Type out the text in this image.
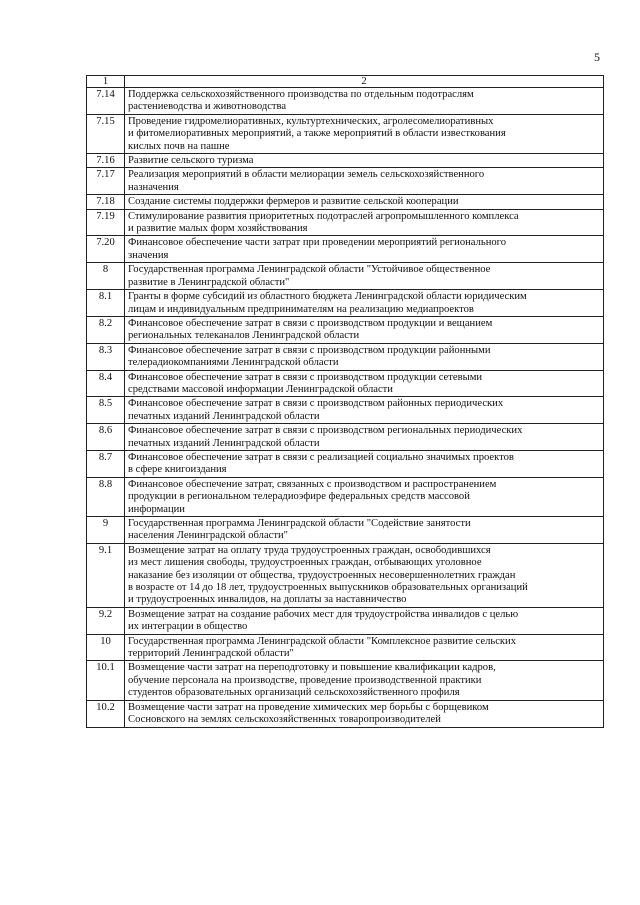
5
1	2
7.14	Поддержка сельскохозяйственного производства по отдельным подотраслям
растениеводства и животноводства

7.15	Проведение гидромелиоративных, культуртехнических, агролесомелиоративных
и фитомелиоративных мероприятий, а также мероприятий в области известкования
кислых почв на пашне

7.16	Развитие сельского туризма

7.17	Реализация мероприятий в области мелиорации земель сельскохозяйственного
назначения

7.18	Создание системы поддержки фермеров и развитие сельской кооперации

7.19	Стимулирование развития приоритетных подотраслей агропромышленного комплекса
и развитие малых форм хозяйствования

7.20	Финансовое обеспечение части затрат при проведении мероприятий регионального
значения

8	Государственная программа Ленинградской области "Устойчивое общественное
развитие в Ленинградской области"

8.1	Гранты в форме субсидий из областного бюджета Ленинградской области юридическим
лицам и индивидуальным предпринимателям на реализацию медиапроектов

8.2	Финансовое обеспечение затрат в связи с производством продукции и вещанием
региональных телеканалов Ленинградской области

8.3	Финансовое обеспечение затрат в связи с производством продукции районными
телерадиокомпаниями Ленинградской области

8.4	Финансовое обеспечение затрат в связи с производством продукции сетевыми
средствами массовой информации Ленинградской области

8.5	Финансовое обеспечение затрат в связи с производством районных периодических
печатных изданий Ленинградской области

8.6	Финансовое обеспечение затрат в связи с производством региональных периодических
печатных изданий Ленинградской области

8.7	Финансовое обеспечение затрат в связи с реализацией социально значимых проектов
в сфере книгоиздания

8.8	Финансовое обеспечение затрат, связанных с производством и распространением
продукции в региональном телерадиоэфире федеральных средств массовой
информации

9	Государственная программа Ленинградской области "Содействие занятости
населения Ленинградской области"

9.1	Возмещение затрат на оплату труда трудоустроенных граждан, освободившихся
из мест лишения свободы, трудоустроенных граждан, отбывающих уголовное
наказание без изоляции от общества, трудоустроенных несовершеннолетних граждан
в возрасте от 14 до 18 лет, трудоустроенных выпускников образовательных организаций
и трудоустроенных инвалидов, на доплаты за наставничество

9.2	Возмещение затрат на создание рабочих мест для трудоустройства инвалидов с целью
их интеграции в общество

10	Государственная программа Ленинградской области "Комплексное развитие сельских
территорий Ленинградской области"

10.1	Возмещение части затрат на переподготовку и повышение квалификации кадров,
обучение персонала на производстве, проведение производственной практики
студентов образовательных организаций сельскохозяйственного профиля

10.2	Возмещение части затрат на проведение химических мер борьбы с борщевиком
Сосновского на землях сельскохозяйственных товаропроизводителей
